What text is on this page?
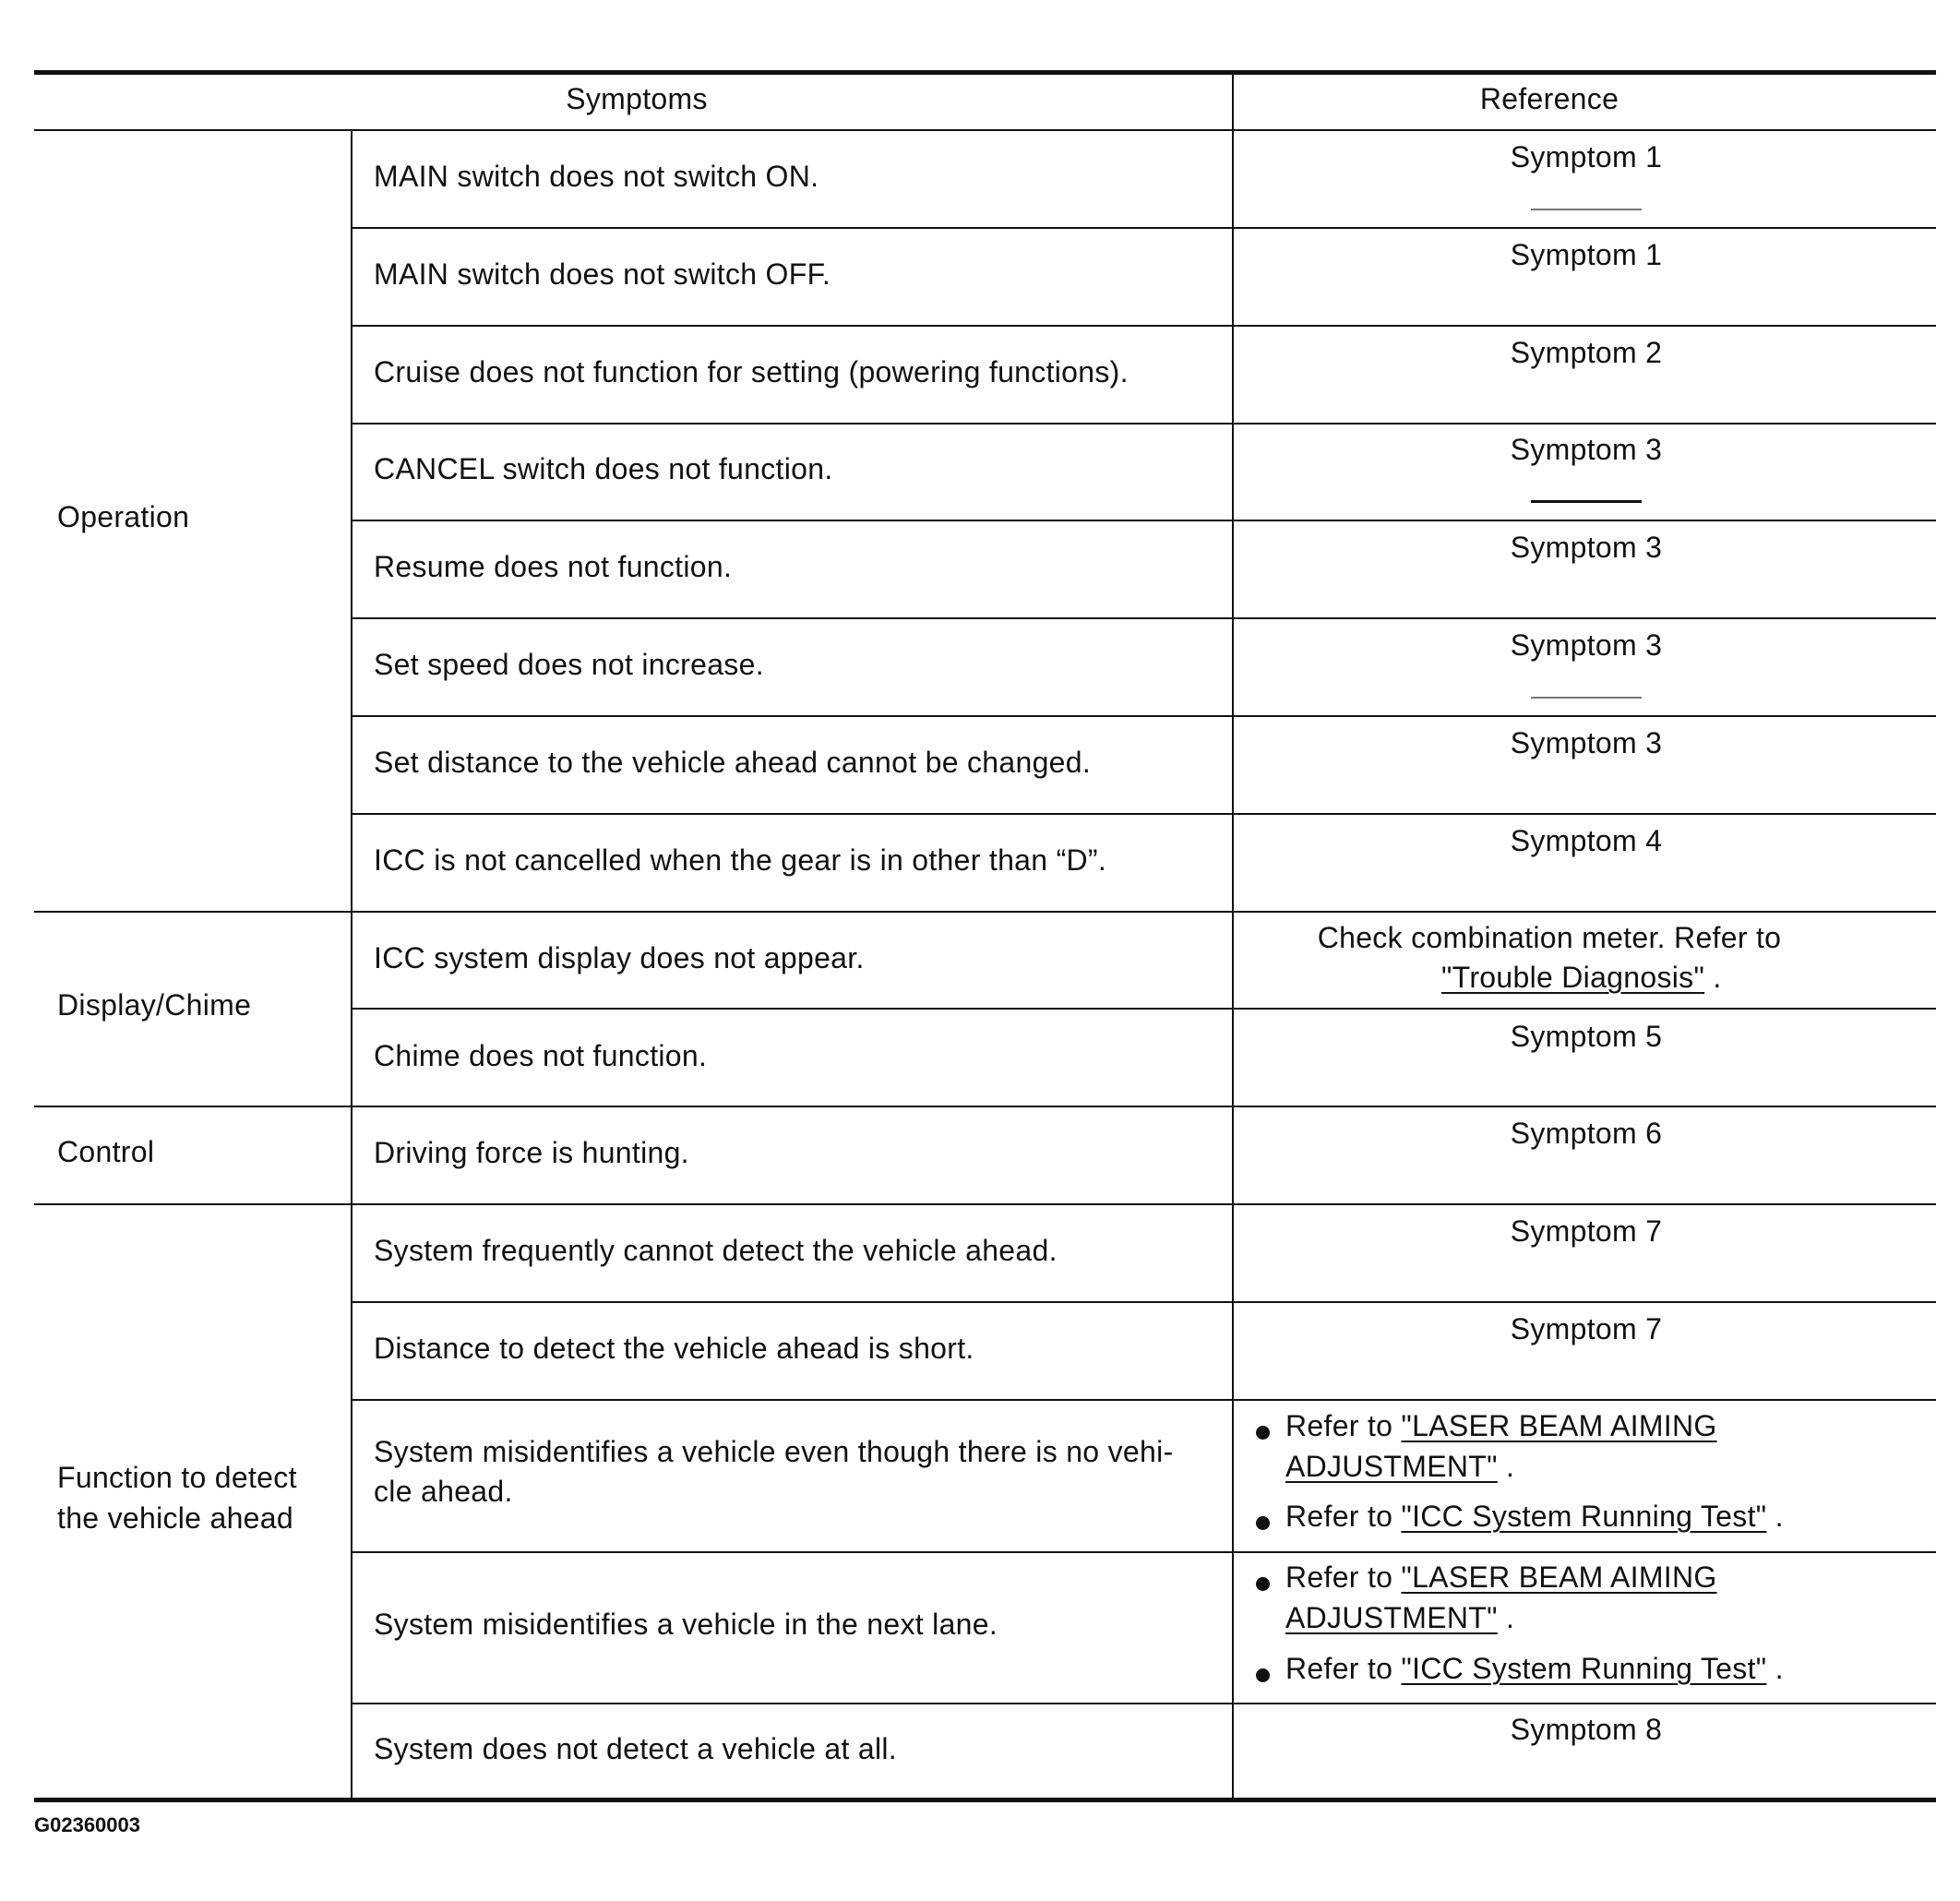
Symptoms	Reference
Operation
Display/Chime
Control
Function to detect
the vehicle ahead
MAIN switch does not switch ON.
Symptom 1
MAIN switch does not switch OFF.
Symptom 1
Cruise does not function for setting (powering functions).
Symptom 2
CANCEL switch does not function.
Symptom 3
Resume does not function.
Symptom 3
Set speed does not increase.
Symptom 3
Set distance to the vehicle ahead cannot be changed.
Symptom 3
ICC is not cancelled when the gear is in other than “D”.
Symptom 4
ICC system display does not appear.
Check combination meter. Refer to
"Trouble Diagnosis" .
Chime does not function.
Symptom 5
Driving force is hunting.
Symptom 6
System frequently cannot detect the vehicle ahead.
Symptom 7
Distance to detect the vehicle ahead is short.
Symptom 7
System misidentifies a vehicle even though there is no vehi-
cle ahead.
Refer to "LASER BEAM AIMING
ADJUSTMENT" .
Refer to "ICC System Running Test" .
System misidentifies a vehicle in the next lane.
Refer to "LASER BEAM AIMING
ADJUSTMENT" .
Refer to "ICC System Running Test" .
System does not detect a vehicle at all.
Symptom 8
G02360003
